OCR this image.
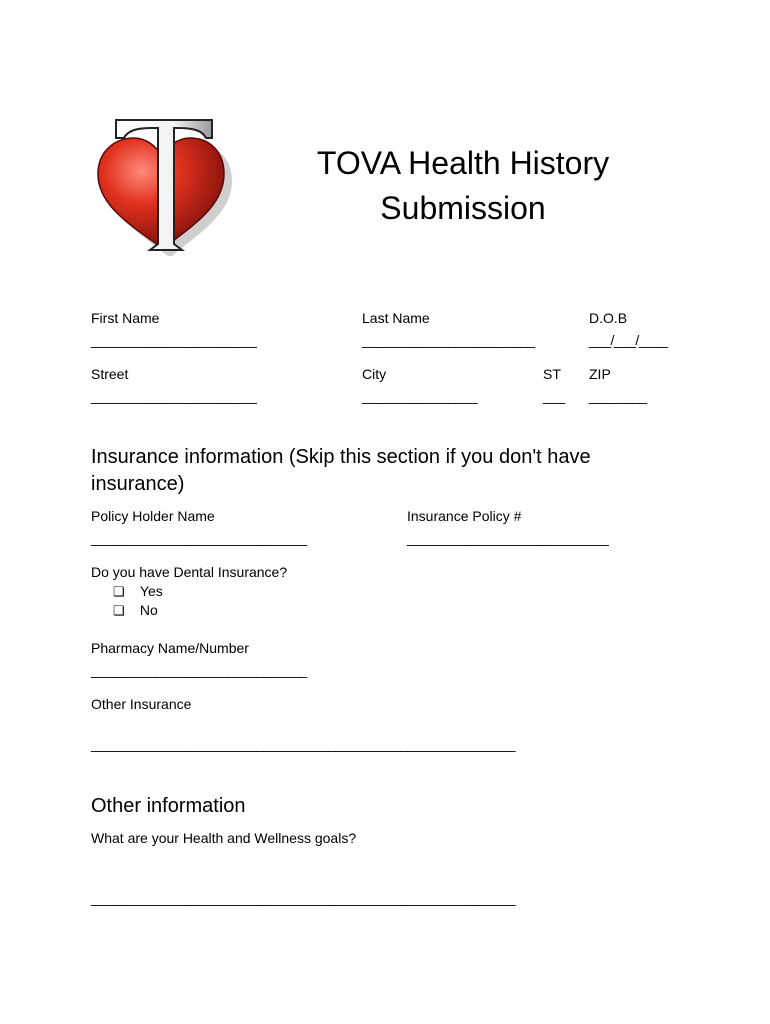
TOVA Health History
Submission
First Name
_______________________
Last Name
________________________
D.O.B
___/___/____
Street
_______________________
City
________________
ST
___
ZIP
________
Insurance information (Skip this section if you don't have
insurance)
Policy Holder Name
______________________________
Insurance Policy #
____________________________
Do you have Dental Insurance?
❏ Yes
❏ No
Pharmacy Name/Number
______________________________
Other Insurance
___________________________________________________________
Other information
What are your Health and Wellness goals?
___________________________________________________________
